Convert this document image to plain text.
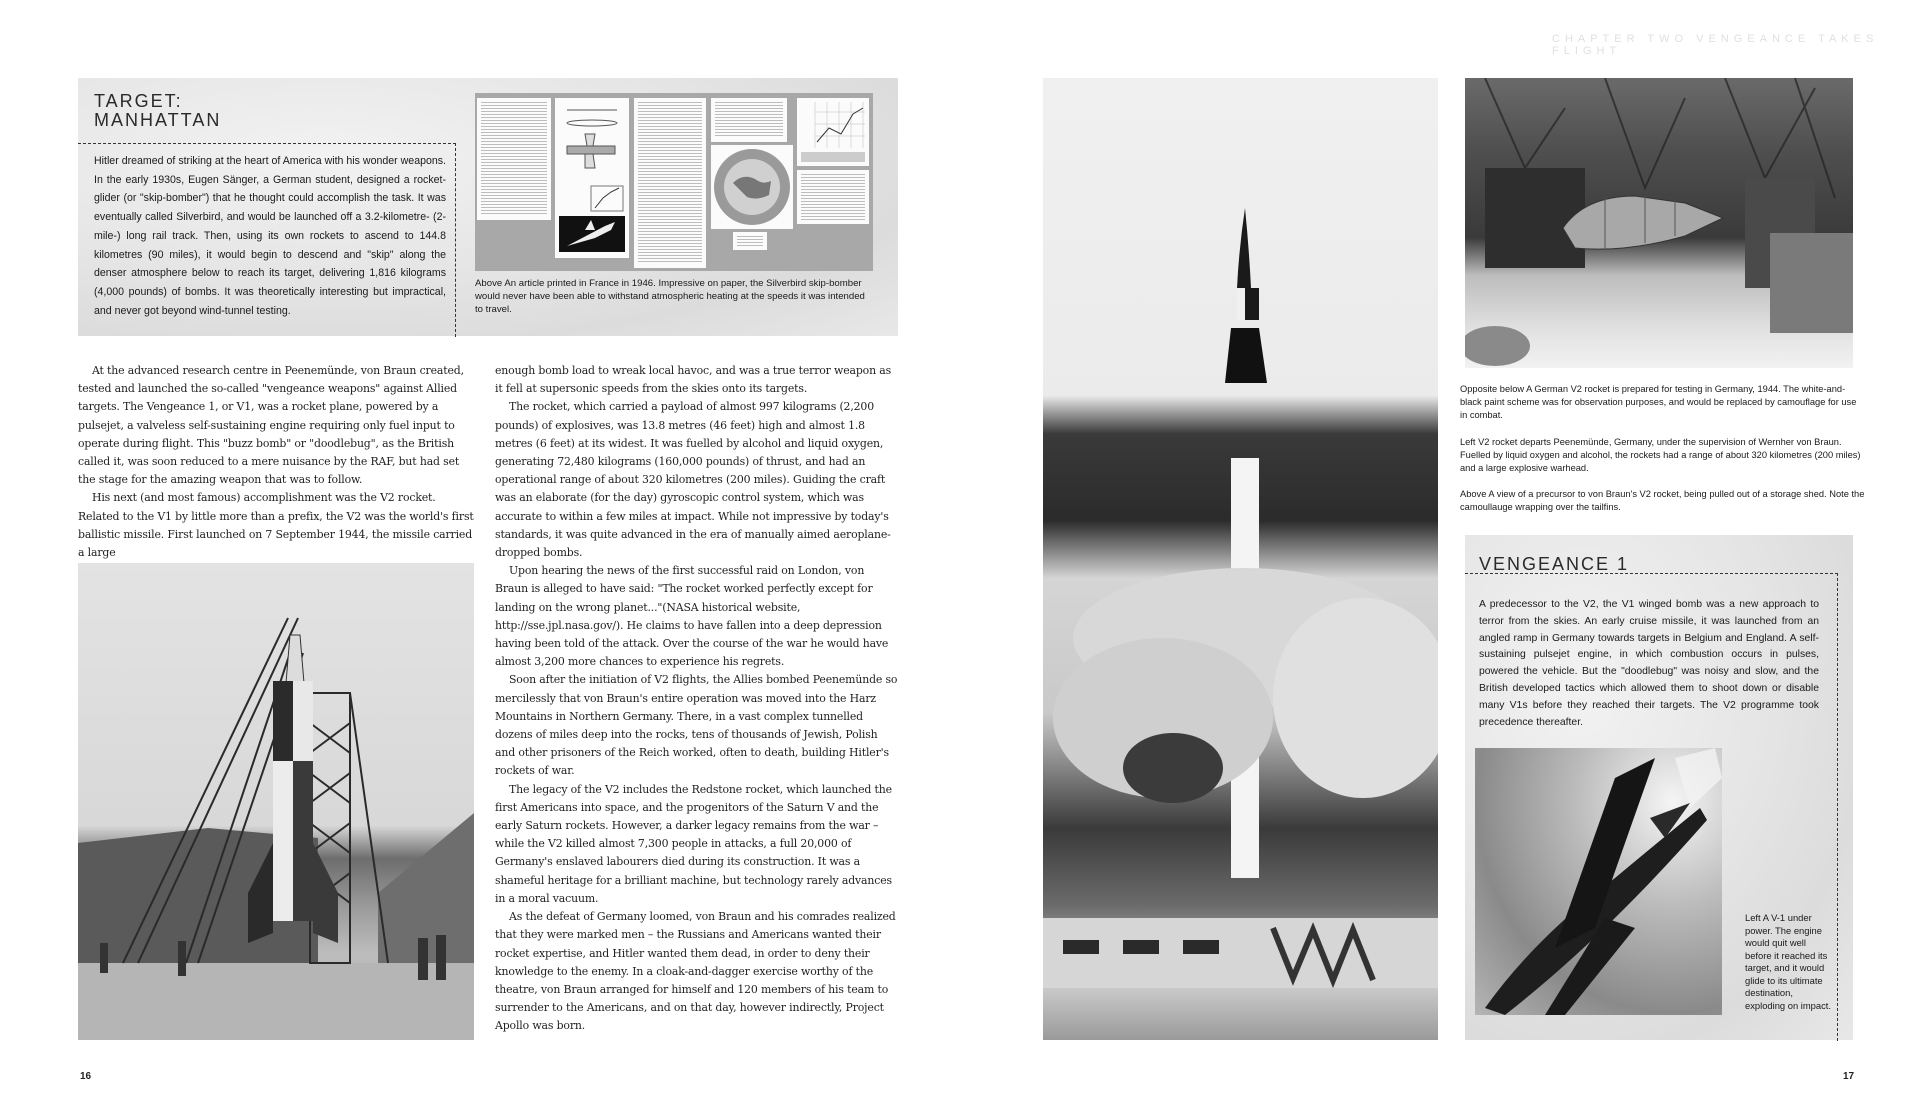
CHAPTER TWO VENGEANCE TAKES FLIGHT
TARGET:
MANHATTAN
Hitler dreamed of striking at the heart of America with his wonder weapons. In the early 1930s, Eugen Sänger, a German student, designed a rocket-glider (or "skip-bomber") that he thought could accomplish the task. It was eventually called Silverbird, and would be launched off a 3.2-kilometre- (2-mile-) long rail track. Then, using its own rockets to ascend to 144.8 kilometres (90 miles), it would begin to descend and "skip" along the denser atmosphere below to reach its target, delivering 1,816 kilograms (4,000 pounds) of bombs. It was theoretically interesting but impractical, and never got beyond wind-tunnel testing.
Above An article printed in France in 1946. Impressive on paper, the Silverbird skip-bomber would never have been able to withstand atmospheric heating at the speeds it was intended to travel.

At the advanced research centre in Peenemünde, von Braun created, tested and launched the so-called "vengeance weapons" against Allied targets. The Vengeance 1, or V1, was a rocket plane, powered by a pulsejet, a valveless self-sustaining engine requiring only fuel input to operate during flight. This "buzz bomb" or "doodlebug", as the British called it, was soon reduced to a mere nuisance by the RAF, but had set the stage for the amazing weapon that was to follow.

His next (and most famous) accomplishment was the V2 rocket. Related to the V1 by little more than a prefix, the V2 was the world's first ballistic missile. First launched on 7 September 1944, the missile carried a large

enough bomb load to wreak local havoc, and was a true terror weapon as it fell at supersonic speeds from the skies onto its targets.

The rocket, which carried a payload of almost 997 kilograms (2,200 pounds) of explosives, was 13.8 metres (46 feet) high and almost 1.8 metres (6 feet) at its widest. It was fuelled by alcohol and liquid oxygen, generating 72,480 kilograms (160,000 pounds) of thrust, and had an operational range of about 320 kilometres (200 miles). Guiding the craft was an elaborate (for the day) gyroscopic control system, which was accurate to within a few miles at impact. While not impressive by today's standards, it was quite advanced in the era of manually aimed aeroplane-dropped bombs.

Upon hearing the news of the first successful raid on London, von Braun is alleged to have said: "The rocket worked perfectly except for landing on the wrong planet..."(NASA historical website, http://sse.jpl.nasa.gov/). He claims to have fallen into a deep depression having been told of the attack. Over the course of the war he would have almost 3,200 more chances to experience his regrets.

Soon after the initiation of V2 flights, the Allies bombed Peenemünde so mercilessly that von Braun's entire operation was moved into the Harz Mountains in Northern Germany. There, in a vast complex tunnelled dozens of miles deep into the rocks, tens of thousands of Jewish, Polish and other prisoners of the Reich worked, often to death, building Hitler's rockets of war.

The legacy of the V2 includes the Redstone rocket, which launched the first Americans into space, and the progenitors of the Saturn V and the early Saturn rockets. However, a darker legacy remains from the war – while the V2 killed almost 7,300 people in attacks, a full 20,000 of Germany's enslaved labourers died during its construction. It was a shameful heritage for a brilliant machine, but technology rarely advances in a moral vacuum.

As the defeat of Germany loomed, von Braun and his comrades realized that they were marked men – the Russians and Americans wanted their rocket expertise, and Hitler wanted them dead, in order to deny their knowledge to the enemy. In a cloak-and-dagger exercise worthy of the theatre, von Braun arranged for himself and 120 members of his team to surrender to the Americans, and on that day, however indirectly, Project Apollo was born.

Opposite below A German V2 rocket is prepared for testing in Germany, 1944. The white-and-black paint scheme was for observation purposes, and would be replaced by camouflage for use in combat.

Left V2 rocket departs Peenemünde, Germany, under the supervision of Wernher von Braun. Fuelled by liquid oxygen and alcohol, the rockets had a range of about 320 kilometres (200 miles) and a large explosive warhead.

Above A view of a precursor to von Braun's V2 rocket, being pulled out of a storage shed. Note the camoullauge wrapping over the tailfins.

VENGEANCE 1
A predecessor to the V2, the V1 winged bomb was a new approach to terror from the skies. An early cruise missile, it was launched from an angled ramp in Germany towards targets in Belgium and England. A self-sustaining pulsejet engine, in which combustion occurs in pulses, powered the vehicle. But the "doodlebug" was noisy and slow, and the British developed tactics which allowed them to shoot down or disable many V1s before they reached their targets. The V2 programme took precedence thereafter.
Left A V-1 under power. The engine would quit well before it reached its target, and it would glide to its ultimate destination, exploding on impact.
16	17
